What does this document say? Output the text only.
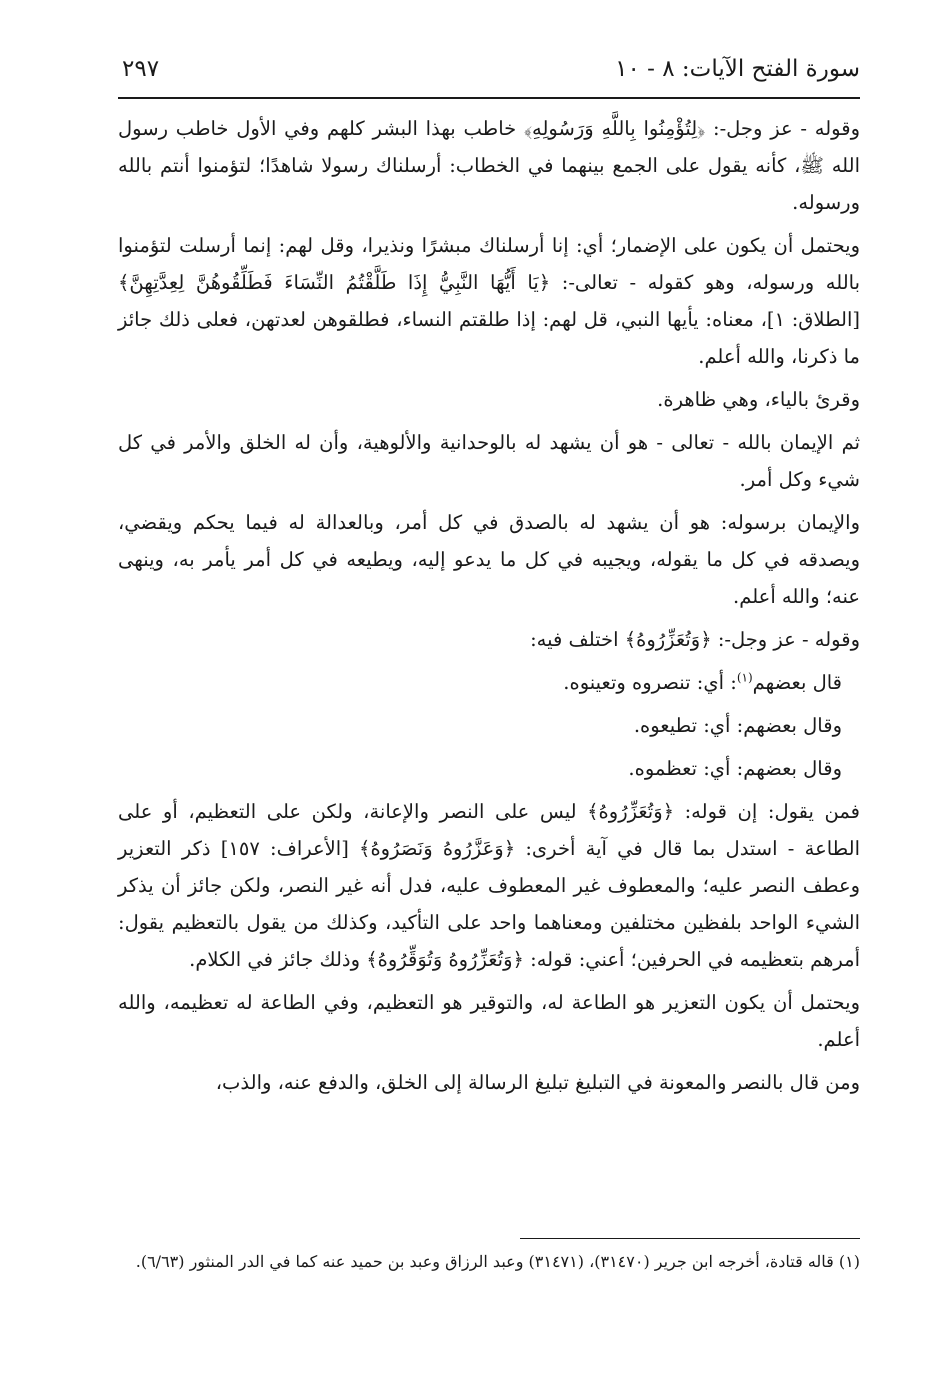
سورة الفتح الآيات: ٨ - ١٠
٢٩٧

وقوله - عز وجل-: ﴿لِتُؤْمِنُوا بِاللَّهِ وَرَسُولِهِ﴾ خاطب بهذا البشر كلهم وفي الأول خاطب رسول الله ﷺ، كأنه يقول على الجمع بينهما في الخطاب: أرسلناك رسولا شاهدًا؛ لتؤمنوا أنتم بالله ورسوله.

ويحتمل أن يكون على الإضمار؛ أي: إنا أرسلناك مبشرًا ونذيرا، وقل لهم: إنما أرسلت لتؤمنوا بالله ورسوله، وهو كقوله - تعالى-: ﴿يَا أَيُّهَا النَّبِيُّ إِذَا طَلَّقْتُمُ النِّسَاءَ فَطَلِّقُوهُنَّ لِعِدَّتِهِنَّ﴾ [الطلاق: ١]، معناه: يأيها النبي، قل لهم: إذا طلقتم النساء، فطلقوهن لعدتهن، فعلى ذلك جائز ما ذكرنا، والله أعلم.

وقرئ بالياء، وهي ظاهرة.

ثم الإيمان بالله - تعالى - هو أن يشهد له بالوحدانية والألوهية، وأن له الخلق والأمر في كل شيء وكل أمر.

والإيمان برسوله: هو أن يشهد له بالصدق في كل أمر، وبالعدالة له فيما يحكم ويقضي، ويصدقه في كل ما يقوله، ويجيبه في كل ما يدعو إليه، ويطيعه في كل أمر يأمر به، وينهى عنه؛ والله أعلم.

وقوله - عز وجل-: ﴿وَتُعَزِّرُوهُ﴾ اختلف فيه:

قال بعضهم$^{(١)}$: أي: تنصروه وتعينوه.

وقال بعضهم: أي: تطيعوه.

وقال بعضهم: أي: تعظموه.

فمن يقول: إن قوله: ﴿وَتُعَزِّرُوهُ﴾ ليس على النصر والإعانة، ولكن على التعظيم، أو على الطاعة - استدل بما قال في آية أخرى: ﴿وَعَزَّرُوهُ وَنَصَرُوهُ﴾ [الأعراف: ١٥٧] ذكر التعزير وعطف النصر عليه؛ والمعطوف غير المعطوف عليه، فدل أنه غير النصر، ولكن جائز أن يذكر الشيء الواحد بلفظين مختلفين ومعناهما واحد على التأكيد، وكذلك من يقول بالتعظيم يقول: أمرهم بتعظيمه في الحرفين؛ أعني: قوله: ﴿وَتُعَزِّرُوهُ وَتُوَقِّرُوهُ﴾ وذلك جائز في الكلام.

ويحتمل أن يكون التعزير هو الطاعة له، والتوقير هو التعظيم، وفي الطاعة له تعظيمه، والله أعلم.

ومن قال بالنصر والمعونة في التبليغ تبليغ الرسالة إلى الخلق، والدفع عنه، والذب،

(١) قاله قتادة، أخرجه ابن جرير (٣١٤٧٠)، (٣١٤٧١) وعبد الرزاق وعبد بن حميد عنه كما في الدر المنثور (٦/٦٣).
